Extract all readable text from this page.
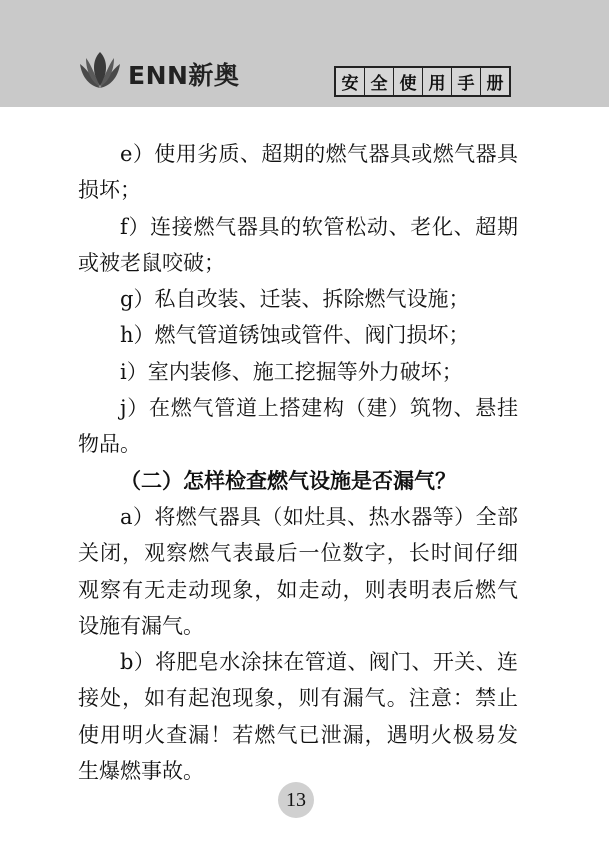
ENN新奥	安 全 使 用 手 册

e）使用劣质、超期的燃气器具或燃气器具损坏；

f）连接燃气器具的软管松动、老化、超期或被老鼠咬破；

g）私自改装、迁装、拆除燃气设施；

h）燃气管道锈蚀或管件、阀门损坏；

i）室内装修、施工挖掘等外力破坏；

j）在燃气管道上搭建构（建）筑物、悬挂物品。

（二）怎样检查燃气设施是否漏气？

a）将燃气器具（如灶具、热水器等）全部关闭，观察燃气表最后一位数字，长时间仔细观察有无走动现象，如走动，则表明表后燃气设施有漏气。

b）将肥皂水涂抹在管道、阀门、开关、连接处，如有起泡现象，则有漏气。注意：禁止使用明火查漏！若燃气已泄漏，遇明火极易发生爆燃事故。

13
